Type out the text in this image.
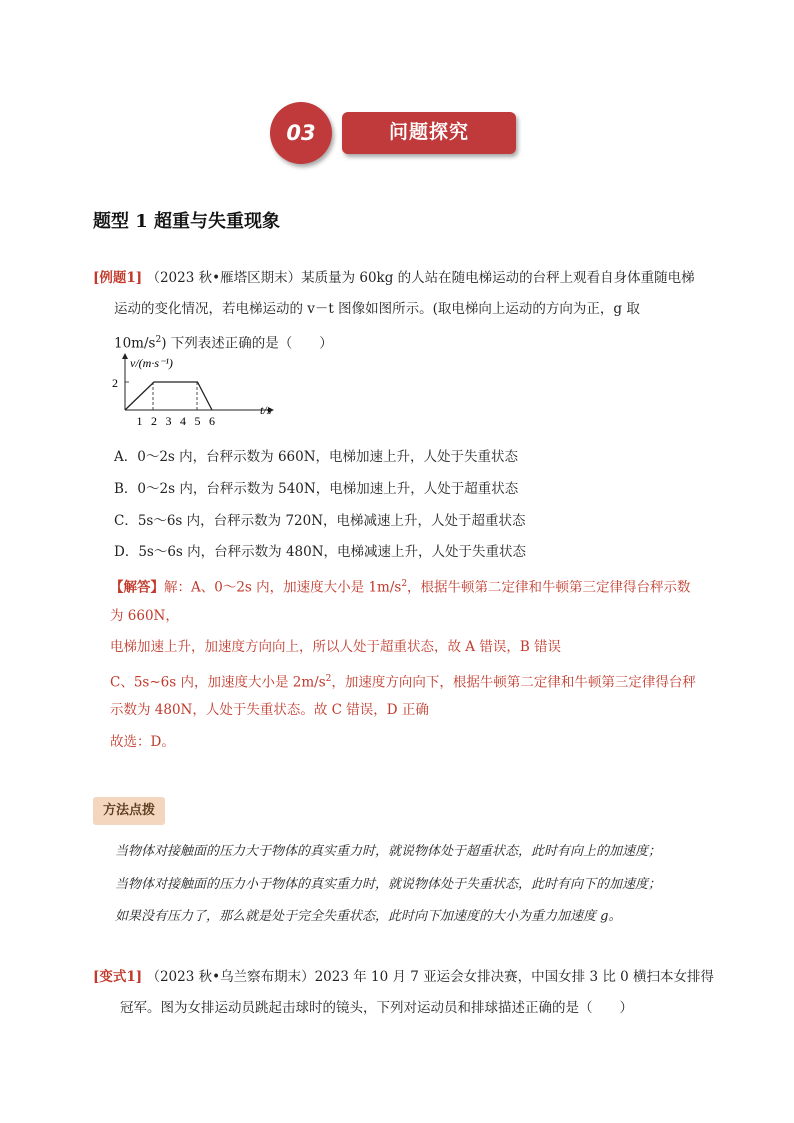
03	问题探究
题型 1 超重与失重现象
[例题1] （2023 秋•雁塔区期末）某质量为 60kg 的人站在随电梯运动的台秤上观看自身体重随电梯
运动的变化情况，若电梯运动的 v－t 图像如图所示。(取电梯向上运动的方向为正，g 取
$10m/s^2$) 下列表述正确的是（　　）
v/(m·s⁻¹)
2
t/s
1 2 3 4 5 6
A．0～2s 内，台秤示数为 660N，电梯加速上升，人处于失重状态
B．0～2s 内，台秤示数为 540N，电梯加速上升，人处于超重状态
C．5s～6s 内，台秤示数为 720N，电梯减速上升，人处于超重状态
D．5s～6s 内，台秤示数为 480N，电梯减速上升，人处于失重状态
【解答】解：A、0～2s 内，加速度大小是 $1m/s^2$，根据牛顿第二定律和牛顿第三定律得台秤示数
为 660N，
电梯加速上升，加速度方向向上，所以人处于超重状态，故 A 错误，B 错误
C、5s~6s 内，加速度大小是 $2m/s^2$，加速度方向向下，根据牛顿第二定律和牛顿第三定律得台秤
示数为 480N，人处于失重状态。故 C 错误，D 正确
故选：D。
方法点拨
当物体对接触面的压力大于物体的真实重力时，就说物体处于超重状态，此时有向上的加速度；
当物体对接触面的压力小于物体的真实重力时，就说物体处于失重状态，此时有向下的加速度；
如果没有压力了，那么就是处于完全失重状态，此时向下加速度的大小为重力加速度 g。
[变式1] （2023 秋•乌兰察布期末）2023 年 10 月 7 亚运会女排决赛，中国女排 3 比 0 横扫本女排得
冠军。图为女排运动员跳起击球时的镜头，下列对运动员和排球描述正确的是（　　）
